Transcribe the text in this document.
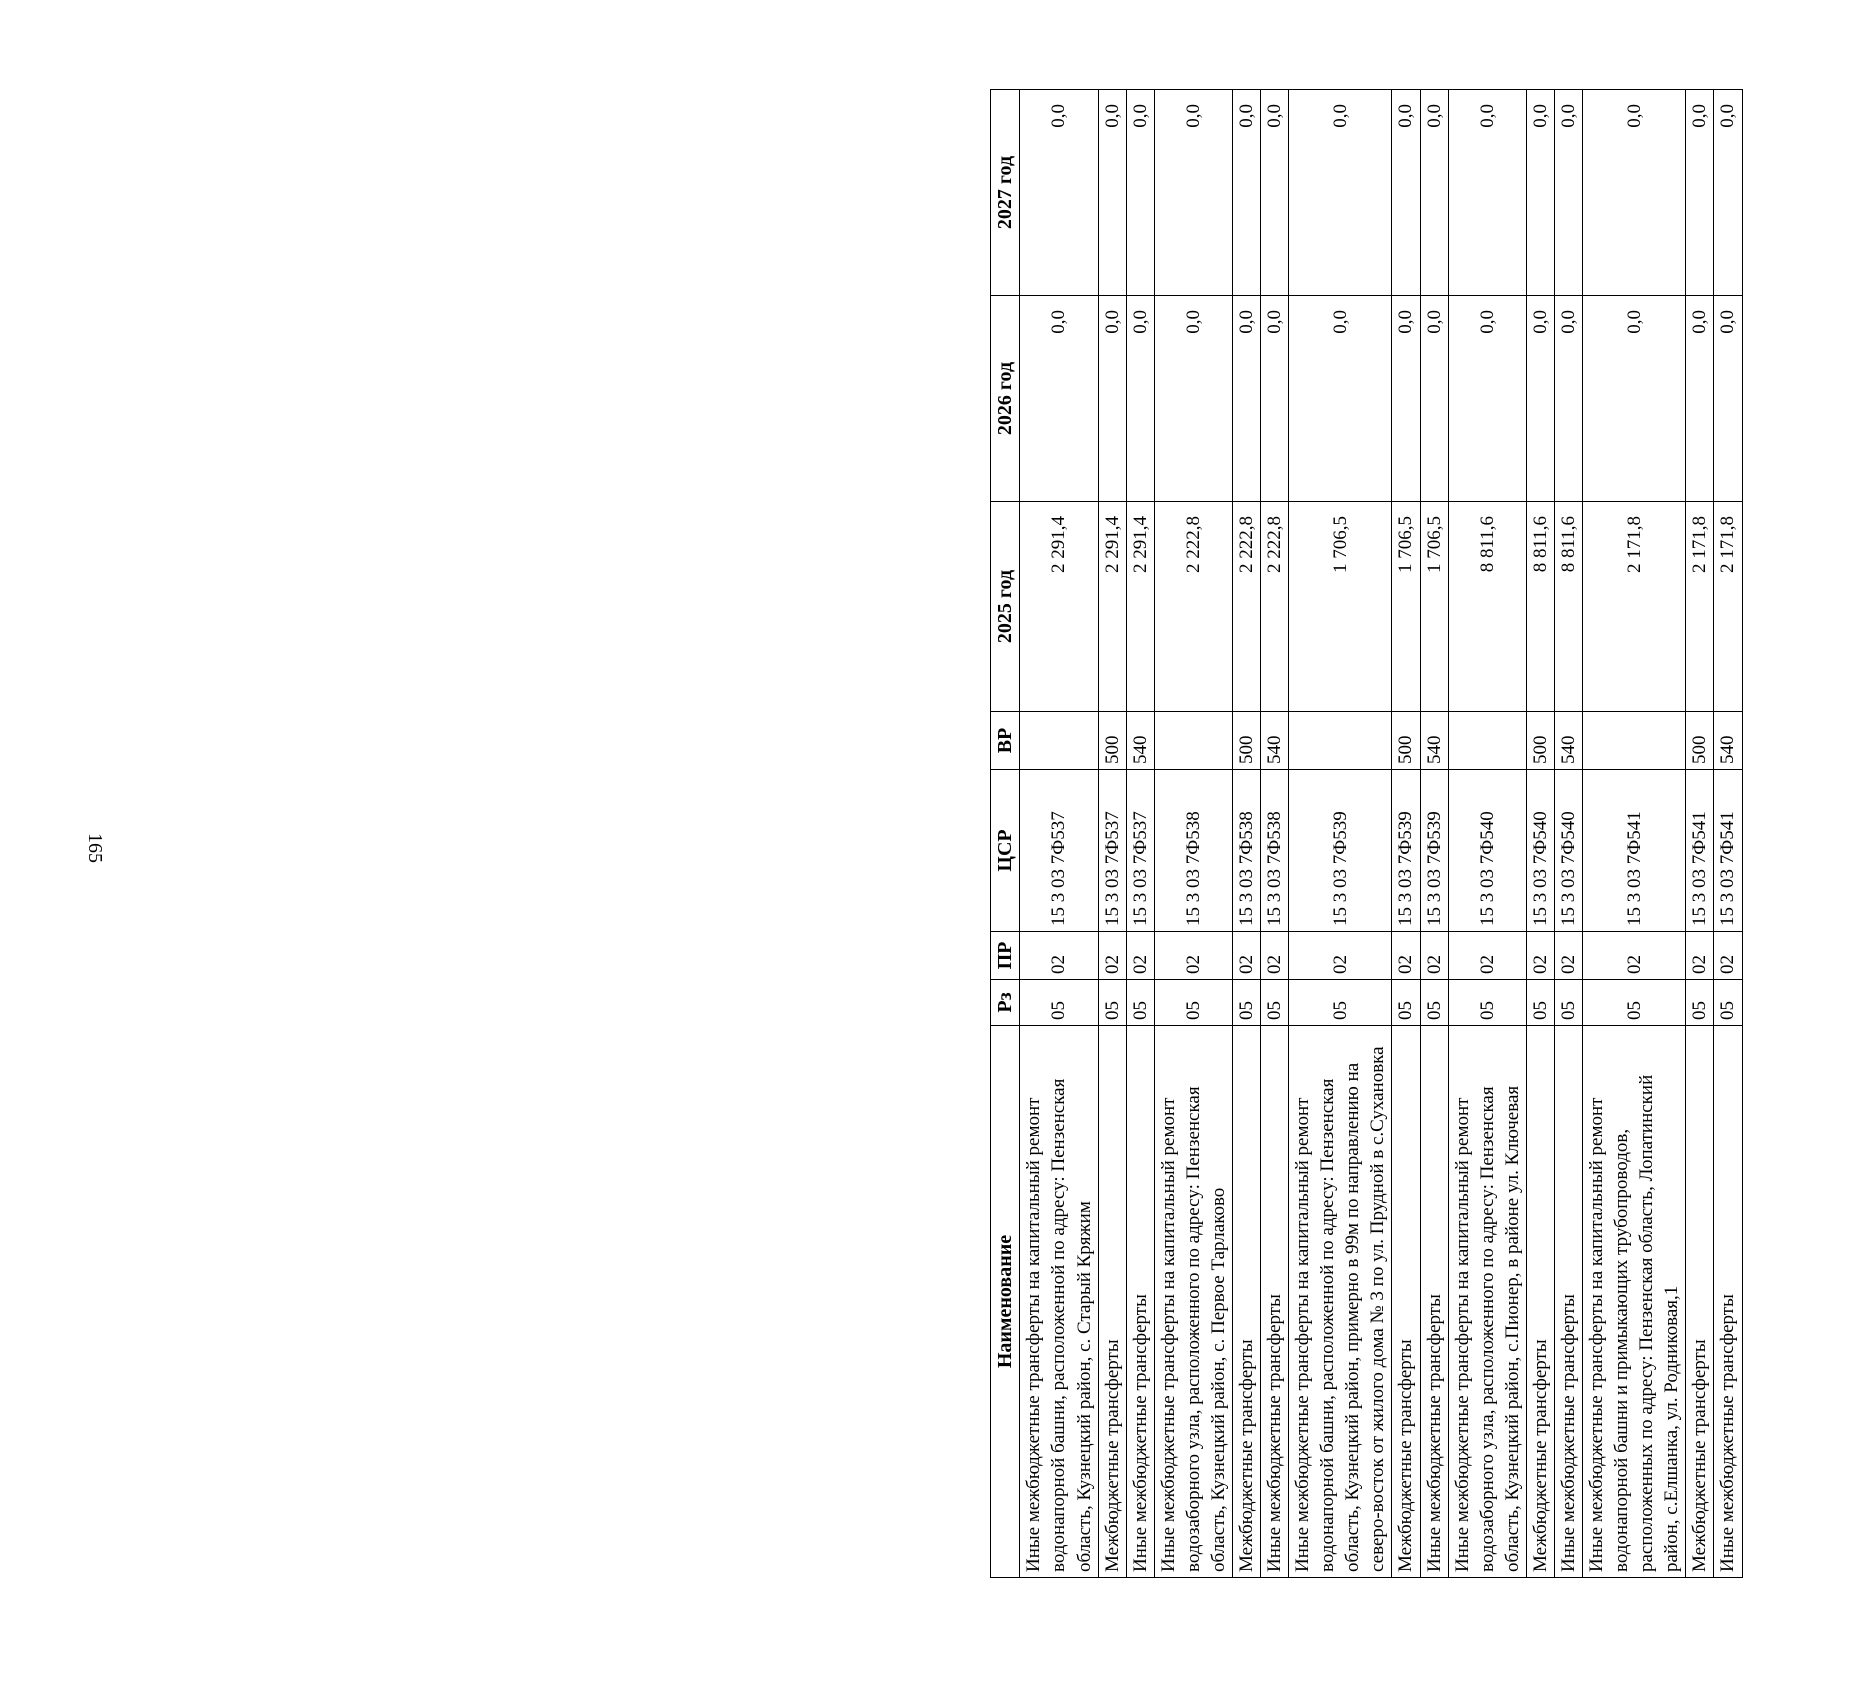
165
Наименование	Рз	ПР	ЦСР	ВР	2025 год	2026 год	2027 год
Иные межбюджетные трансферты на капитальный ремонт водонапорной башни, расположенной по адресу: Пензенская область, Кузнецкий район, с. Старый Кряжим	05	02	15 3 03 7Ф537		2 291,4	0,0	0,0
Межбюджетные трансферты	05	02	15 3 03 7Ф537	500	2 291,4	0,0	0,0
Иные межбюджетные трансферты	05	02	15 3 03 7Ф537	540	2 291,4	0,0	0,0
Иные межбюджетные трансферты на капитальный ремонт водозаборного узла, расположенного по адресу: Пензенская область, Кузнецкий район, с. Первое Тарлаково	05	02	15 3 03 7Ф538		2 222,8	0,0	0,0
Межбюджетные трансферты	05	02	15 3 03 7Ф538	500	2 222,8	0,0	0,0
Иные межбюджетные трансферты	05	02	15 3 03 7Ф538	540	2 222,8	0,0	0,0
Иные межбюджетные трансферты на капитальный ремонт водонапорной башни, расположенной по адресу: Пензенская область, Кузнецкий район, примерно в 99м по направлению на северо-восток от жилого дома № 3 по ул. Прудной в с.Сухановка	05	02	15 3 03 7Ф539		1 706,5	0,0	0,0
Межбюджетные трансферты	05	02	15 3 03 7Ф539	500	1 706,5	0,0	0,0
Иные межбюджетные трансферты	05	02	15 3 03 7Ф539	540	1 706,5	0,0	0,0
Иные межбюджетные трансферты на капитальный ремонт водозаборного узла, расположенного по адресу: Пензенская область, Кузнецкий район, с.Пионер, в районе ул. Ключевая	05	02	15 3 03 7Ф540		8 811,6	0,0	0,0
Межбюджетные трансферты	05	02	15 3 03 7Ф540	500	8 811,6	0,0	0,0
Иные межбюджетные трансферты	05	02	15 3 03 7Ф540	540	8 811,6	0,0	0,0
Иные межбюджетные трансферты на капитальный ремонт водонапорной башни и примыкающих трубопроводов, расположенных по адресу: Пензенская область, Лопатинский район, с.Елшанка, ул. Родниковая,1	05	02	15 3 03 7Ф541		2 171,8	0,0	0,0
Межбюджетные трансферты	05	02	15 3 03 7Ф541	500	2 171,8	0,0	0,0
Иные межбюджетные трансферты	05	02	15 3 03 7Ф541	540	2 171,8	0,0	0,0
